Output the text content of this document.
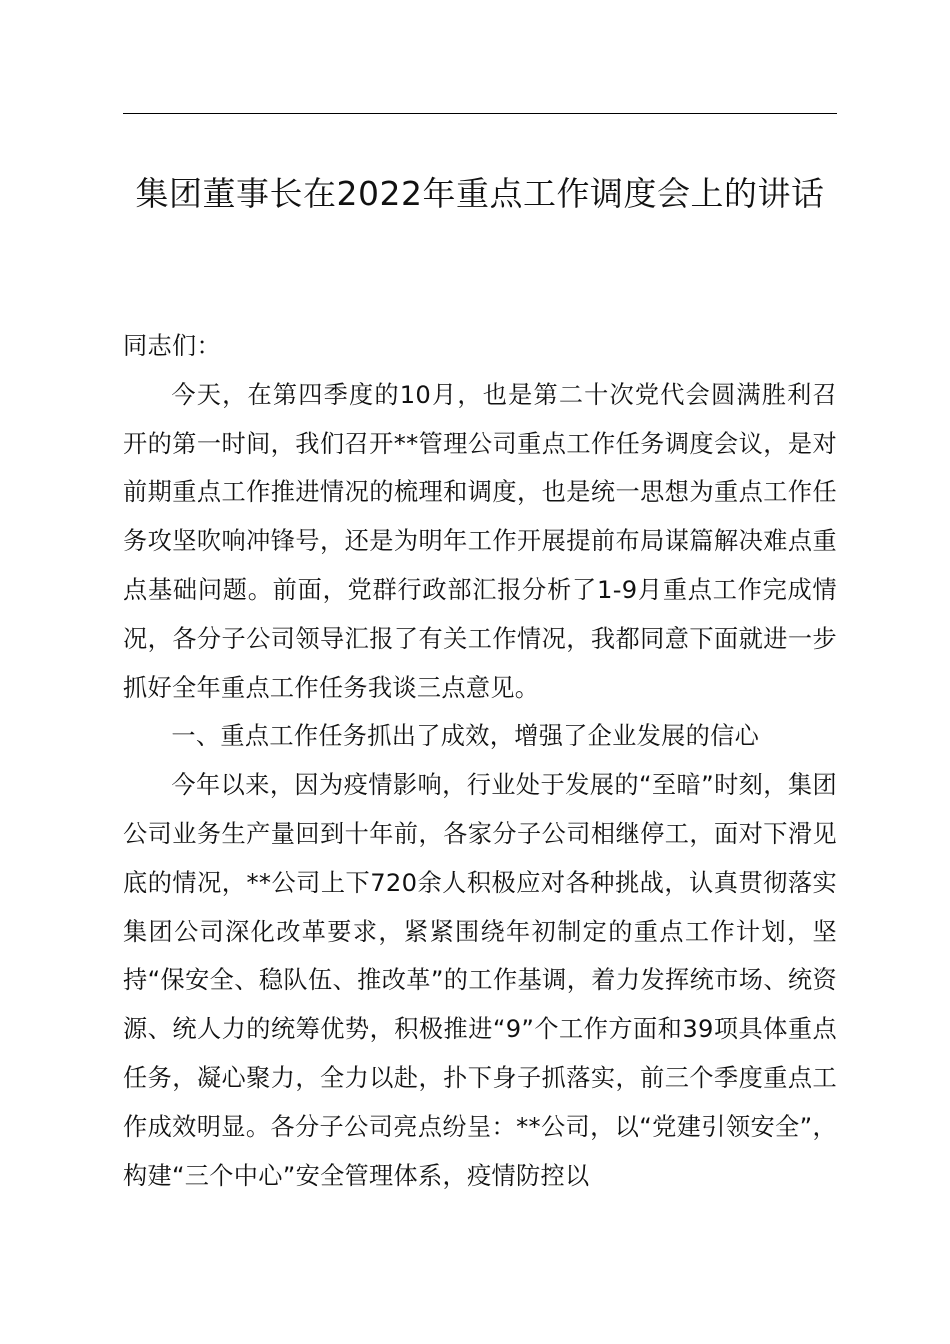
集团董事长在2022年重点工作调度会上的讲话

同志们：

今天，在第四季度的10月，也是第二十次党代会圆满胜利召开的第一时间，我们召开**管理公司重点工作任务调度会议，是对前期重点工作推进情况的梳理和调度，也是统一思想为重点工作任务攻坚吹响冲锋号，还是为明年工作开展提前布局谋篇解决难点重点基础问题。前面，党群行政部汇报分析了1-9月重点工作完成情况，各分子公司领导汇报了有关工作情况，我都同意下面就进一步抓好全年重点工作任务我谈三点意见。

一、重点工作任务抓出了成效，增强了企业发展的信心

今年以来，因为疫情影响，行业处于发展的“至暗”时刻，集团公司业务生产量回到十年前，各家分子公司相继停工，面对下滑见底的情况，**公司上下720余人积极应对各种挑战，认真贯彻落实集团公司深化改革要求，紧紧围绕年初制定的重点工作计划，坚持“保安全、稳队伍、推改革”的工作基调，着力发挥统市场、统资源、统人力的统筹优势，积极推进“9”个工作方面和39项具体重点任务，凝心聚力，全力以赴，扑下身子抓落实，前三个季度重点工作成效明显。各分子公司亮点纷呈：**公司，以“党建引领安全”，构建“三个中心”安全管理体系，疫情防控以
